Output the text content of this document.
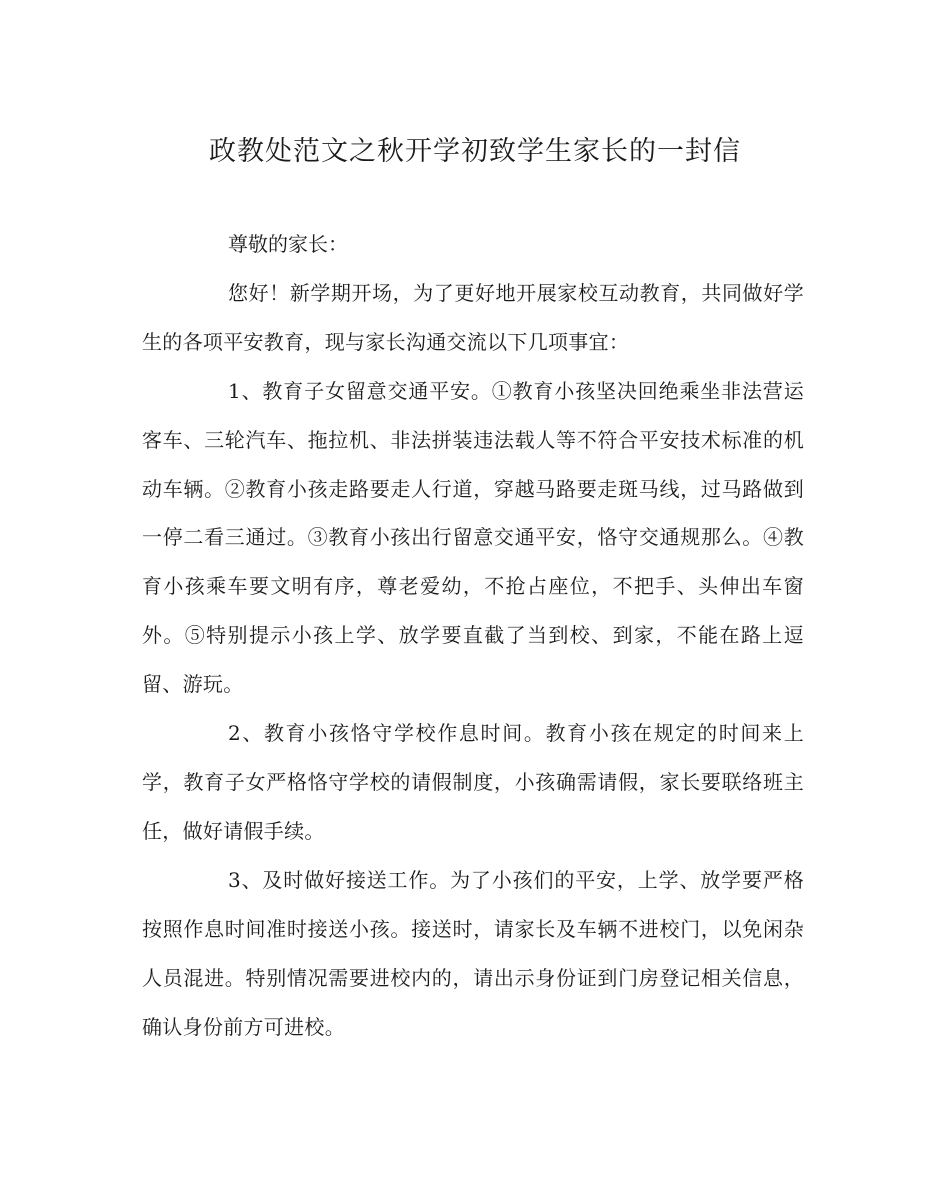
政教处范文之秋开学初致学生家长的一封信

尊敬的家长：

您好！新学期开场，为了更好地开展家校互动教育，共同做好学生的各项平安教育，现与家长沟通交流以下几项事宜：

1、教育子女留意交通平安。①教育小孩坚决回绝乘坐非法营运客车、三轮汽车、拖拉机、非法拼装违法载人等不符合平安技术标准的机动车辆。②教育小孩走路要走人行道，穿越马路要走斑马线，过马路做到一停二看三通过。③教育小孩出行留意交通平安，恪守交通规那么。④教育小孩乘车要文明有序，尊老爱幼，不抢占座位，不把手、头伸出车窗外。⑤特别提示小孩上学、放学要直截了当到校、到家，不能在路上逗留、游玩。

2、教育小孩恪守学校作息时间。教育小孩在规定的时间来上学，教育子女严格恪守学校的请假制度，小孩确需请假，家长要联络班主任，做好请假手续。

3、及时做好接送工作。为了小孩们的平安，上学、放学要严格按照作息时间准时接送小孩。接送时，请家长及车辆不进校门，以免闲杂人员混进。特别情况需要进校内的，请出示身份证到门房登记相关信息，确认身份前方可进校。
